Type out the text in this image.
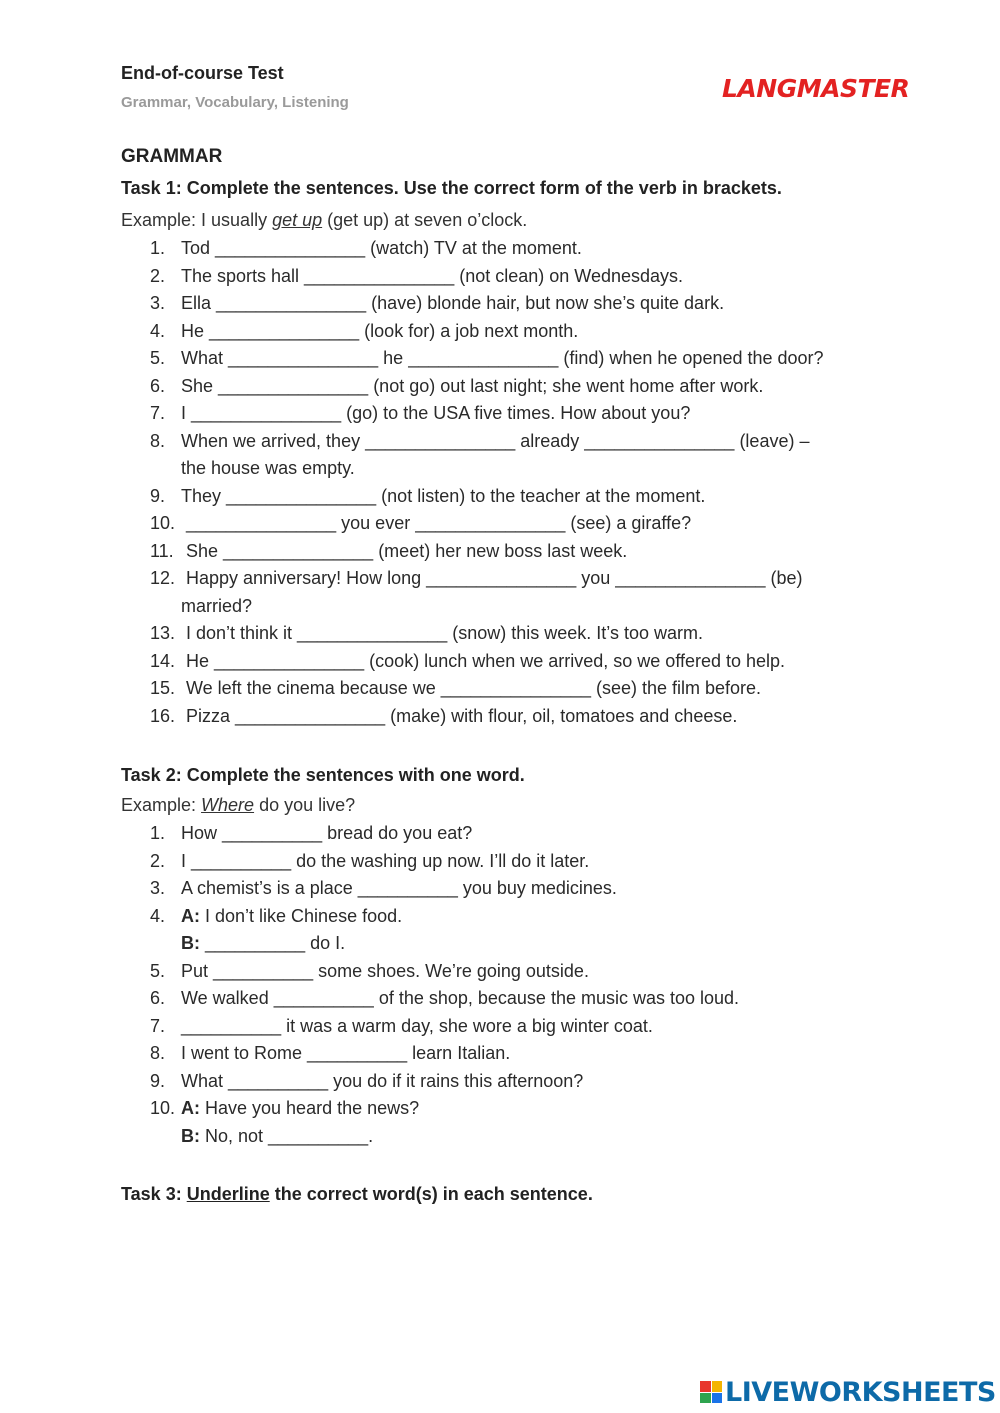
End-of-course Test
Grammar, Vocabulary, Listening	LANGMASTER
GRAMMAR
Task 1: Complete the sentences. Use the correct form of the verb in brackets.
Example: I usually get up (get up) at seven o’clock.
1. Tod _______________ (watch) TV at the moment.
2. The sports hall _______________ (not clean) on Wednesdays.
3. Ella _______________ (have) blonde hair, but now she’s quite dark.
4. He _______________ (look for) a job next month.
5. What _______________ he _______________ (find) when he opened the door?
6. She _______________ (not go) out last night; she went home after work.
7. I _______________ (go) to the USA five times. How about you?
8. When we arrived, they _______________ already _______________ (leave) –
the house was empty.
9. They _______________ (not listen) to the teacher at the moment.
10. _______________ you ever _______________ (see) a giraffe?
11. She _______________ (meet) her new boss last week.
12. Happy anniversary! How long _______________ you _______________ (be)
married?
13. I don’t think it _______________ (snow) this week. It’s too warm.
14. He _______________ (cook) lunch when we arrived, so we offered to help.
15. We left the cinema because we _______________ (see) the film before.
16. Pizza _______________ (make) with flour, oil, tomatoes and cheese.
Task 2: Complete the sentences with one word.
Example: Where do you live?
1. How __________ bread do you eat?
2. I __________ do the washing up now. I’ll do it later.
3. A chemist’s is a place __________ you buy medicines.
4. A: I don’t like Chinese food.
B: __________ do I.
5. Put __________ some shoes. We’re going outside.
6. We walked __________ of the shop, because the music was too loud.
7. __________ it was a warm day, she wore a big winter coat.
8. I went to Rome __________ learn Italian.
9. What __________ you do if it rains this afternoon?
10. A: Have you heard the news?
B: No, not __________.
Task 3: Underline the correct word(s) in each sentence.
LIVEWORKSHEETS
